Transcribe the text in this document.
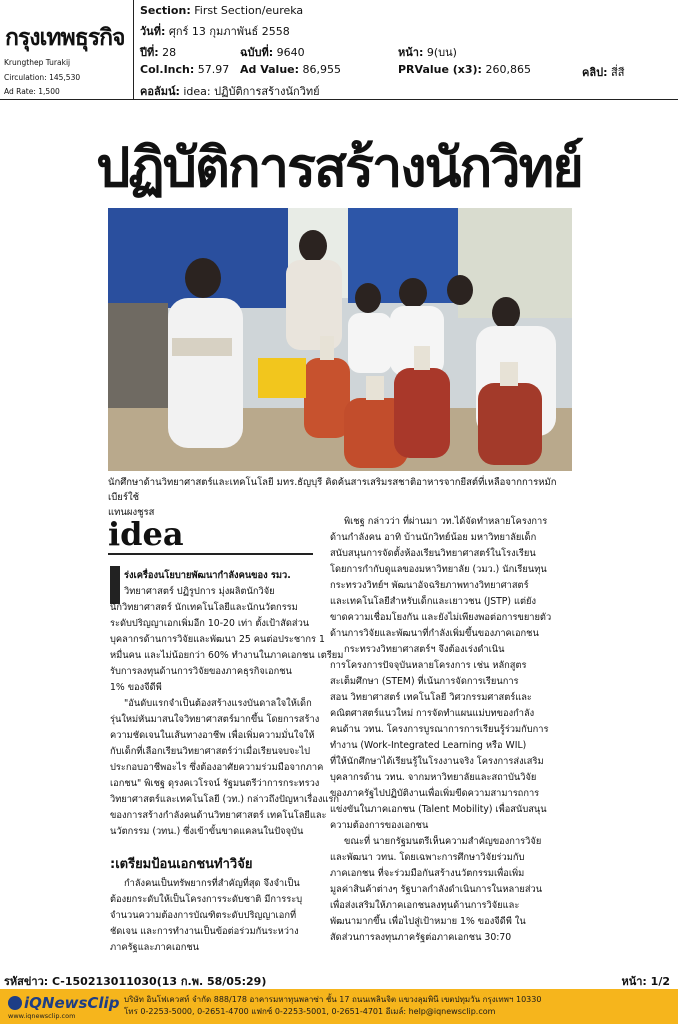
กรุงเทพธุรกิจ
Krungthep Turakij
Circulation: 145,530
Ad Rate: 1,500
Section: First Section/eureka
วันที่: ศุกร์ 13 กุมภาพันธ์ 2558
ปีที่: 28	ฉบับที่: 9640	หน้า: 9(บน)
Col.Inch: 57.97 Ad Value: 86,955	PRValue (x3): 260,865	คลิป: สี่สี
คอลัมน์: idea: ปฏิบัติการสร้างนักวิทย์
ปฏิบัติการสร้างนักวิทย์
นักศึกษาด้านวิทยาศาสตร์และเทคโนโลยี มทร.ธัญบุรี คิดค้นสารเสริมรสชาติอาหารจากยีสต์ที่เหลือจากการหมักเบียร์ใช้
แทนผงชูรส
idea

ร่งเครื่องนโยบายพัฒนากำลังคนของ รมว.

วิทยาศาสตร์ ปฏิรูปการ มุ่งผลิตนักวิจัย

นักวิทยาศาสตร์ นักเทคโนโลยีและนักนวัตกรรม

ระดับปริญญาเอกเพิ่มอีก 10-20 เท่า ตั้งเป้าสัดส่วน

บุคลากรด้านการวิจัยและพัฒนา 25 คนต่อประชากร 1

หมื่นคน และไม่น้อยกว่า 60% ทำงานในภาคเอกชน เตรียม

รับการลงทุนด้านการวิจัยของภาคธุรกิจเอกชน

1% ของจีดีพี

"อันดับแรกจำเป็นต้องสร้างแรงบันดาลใจให้เด็ก

รุ่นใหม่หันมาสนใจวิทยาศาสตร์มากขึ้น โดยการสร้าง

ความชัดเจนในเส้นทางอาชีพ เพื่อเพิ่มความมั่นใจให้

กับเด็กที่เลือกเรียนวิทยาศาสตร์ว่าเมื่อเรียนจบจะไป

ประกอบอาชีพอะไร ซึ่งต้องอาศัยความร่วมมือจากภาค

เอกชน" พิเชฐ ดุรงคเวโรจน์ รัฐมนตรีว่าการกระทรวง

วิทยาศาสตร์และเทคโนโลยี (วท.) กล่าวถึงปัญหาเรื่องแรก

ของการสร้างกำลังคนด้านวิทยาศาสตร์ เทคโนโลยีและ

นวัตกรรม (วทน.) ซึ่งเข้าขั้นขาดแคลนในปัจจุบัน

:เตรียมป้อนเอกชนทำวิจัย

กำลังคนเป็นทรัพยากรที่สำคัญที่สุด จึงจำเป็น

ต้องยกระดับให้เป็นโครงการระดับชาติ มีการระบุ

จำนวนความต้องการบัณฑิตระดับปริญญาเอกที่

ชัดเจน และการทำงานเป็นข้อต่อร่วมกันระหว่าง

ภาครัฐและภาคเอกชน

พิเชฐ กล่าวว่า ที่ผ่านมา วท.ได้จัดทำหลายโครงการ

ด้านกำลังคน อาทิ บ้านนักวิทย์น้อย มหาวิทยาลัยเด็ก

สนับสนุนการจัดตั้งห้องเรียนวิทยาศาสตร์ในโรงเรียน

โดยการกำกับดูแลของมหาวิทยาลัย (วมว.) นักเรียนทุน

กระทรวงวิทย์ฯ พัฒนาอัจฉริยภาพทางวิทยาศาสตร์

และเทคโนโลยีสำหรับเด็กและเยาวชน (JSTP) แต่ยัง

ขาดความเชื่อมโยงกัน และยังไม่เพียงพอต่อการขยายตัว

ด้านการวิจัยและพัฒนาที่กำลังเพิ่มขึ้นของภาคเอกชน

กระทรวงวิทยาศาสตร์ฯ จึงต้องเร่งดำเนิน

การโครงการปัจจุบันหลายโครงการ เช่น หลักสูตร

สะเต็มศึกษา (STEM) ที่เน้นการจัดการเรียนการ

สอน วิทยาศาสตร์ เทคโนโลยี วิศวกรรมศาสตร์และ

คณิตศาสตร์แนวใหม่ การจัดทำแผนแม่บทของกำลัง

คนด้าน วทน. โครงการบูรณาการการเรียนรู้ร่วมกับการ

ทำงาน (Work-Integrated Learning หรือ WIL)

ที่ให้นักศึกษาได้เรียนรู้ในโรงงานจริง โครงการส่งเสริม

บุคลากรด้าน วทน. จากมหาวิทยาลัยและสถาบันวิจัย

ของภาครัฐไปปฏิบัติงานเพื่อเพิ่มขีดความสามารถการ

แข่งขันในภาคเอกชน (Talent Mobility) เพื่อสนับสนุน

ความต้องการของเอกชน

ขณะที่ นายกรัฐมนตรีเห็นความสำคัญของการวิจัย

และพัฒนา วทน. โดยเฉพาะการศึกษาวิจัยร่วมกับ

ภาคเอกชน ที่จะร่วมมือกันสร้างนวัตกรรมเพื่อเพิ่ม

มูลค่าสินค้าต่างๆ รัฐบาลกำลังดำเนินการในหลายส่วน

เพื่อส่งเสริมให้ภาคเอกชนลงทุนด้านการวิจัยและ

พัฒนามากขึ้น เพื่อไปสู่เป้าหมาย 1% ของจีดีพี ใน

สัดส่วนการลงทุนภาครัฐต่อภาคเอกชน 30:70

รหัสข่าว: C-150213011030(13 ก.พ. 58/05:29)	หน้า: 1/2
iQNewsClip
www.iqnewsclip.com
บริษัท อินโฟเควสท์ จำกัด 888/178 อาคารมหาทุนพลาซ่า ชั้น 17 ถนนเพลินจิต แขวงลุมพินี เขตปทุมวัน กรุงเทพฯ 10330
โทร 0-2253-5000, 0-2651-4700 แฟกซ์ 0-2253-5001, 0-2651-4701 อีเมล์: help@iqnewsclip.com
